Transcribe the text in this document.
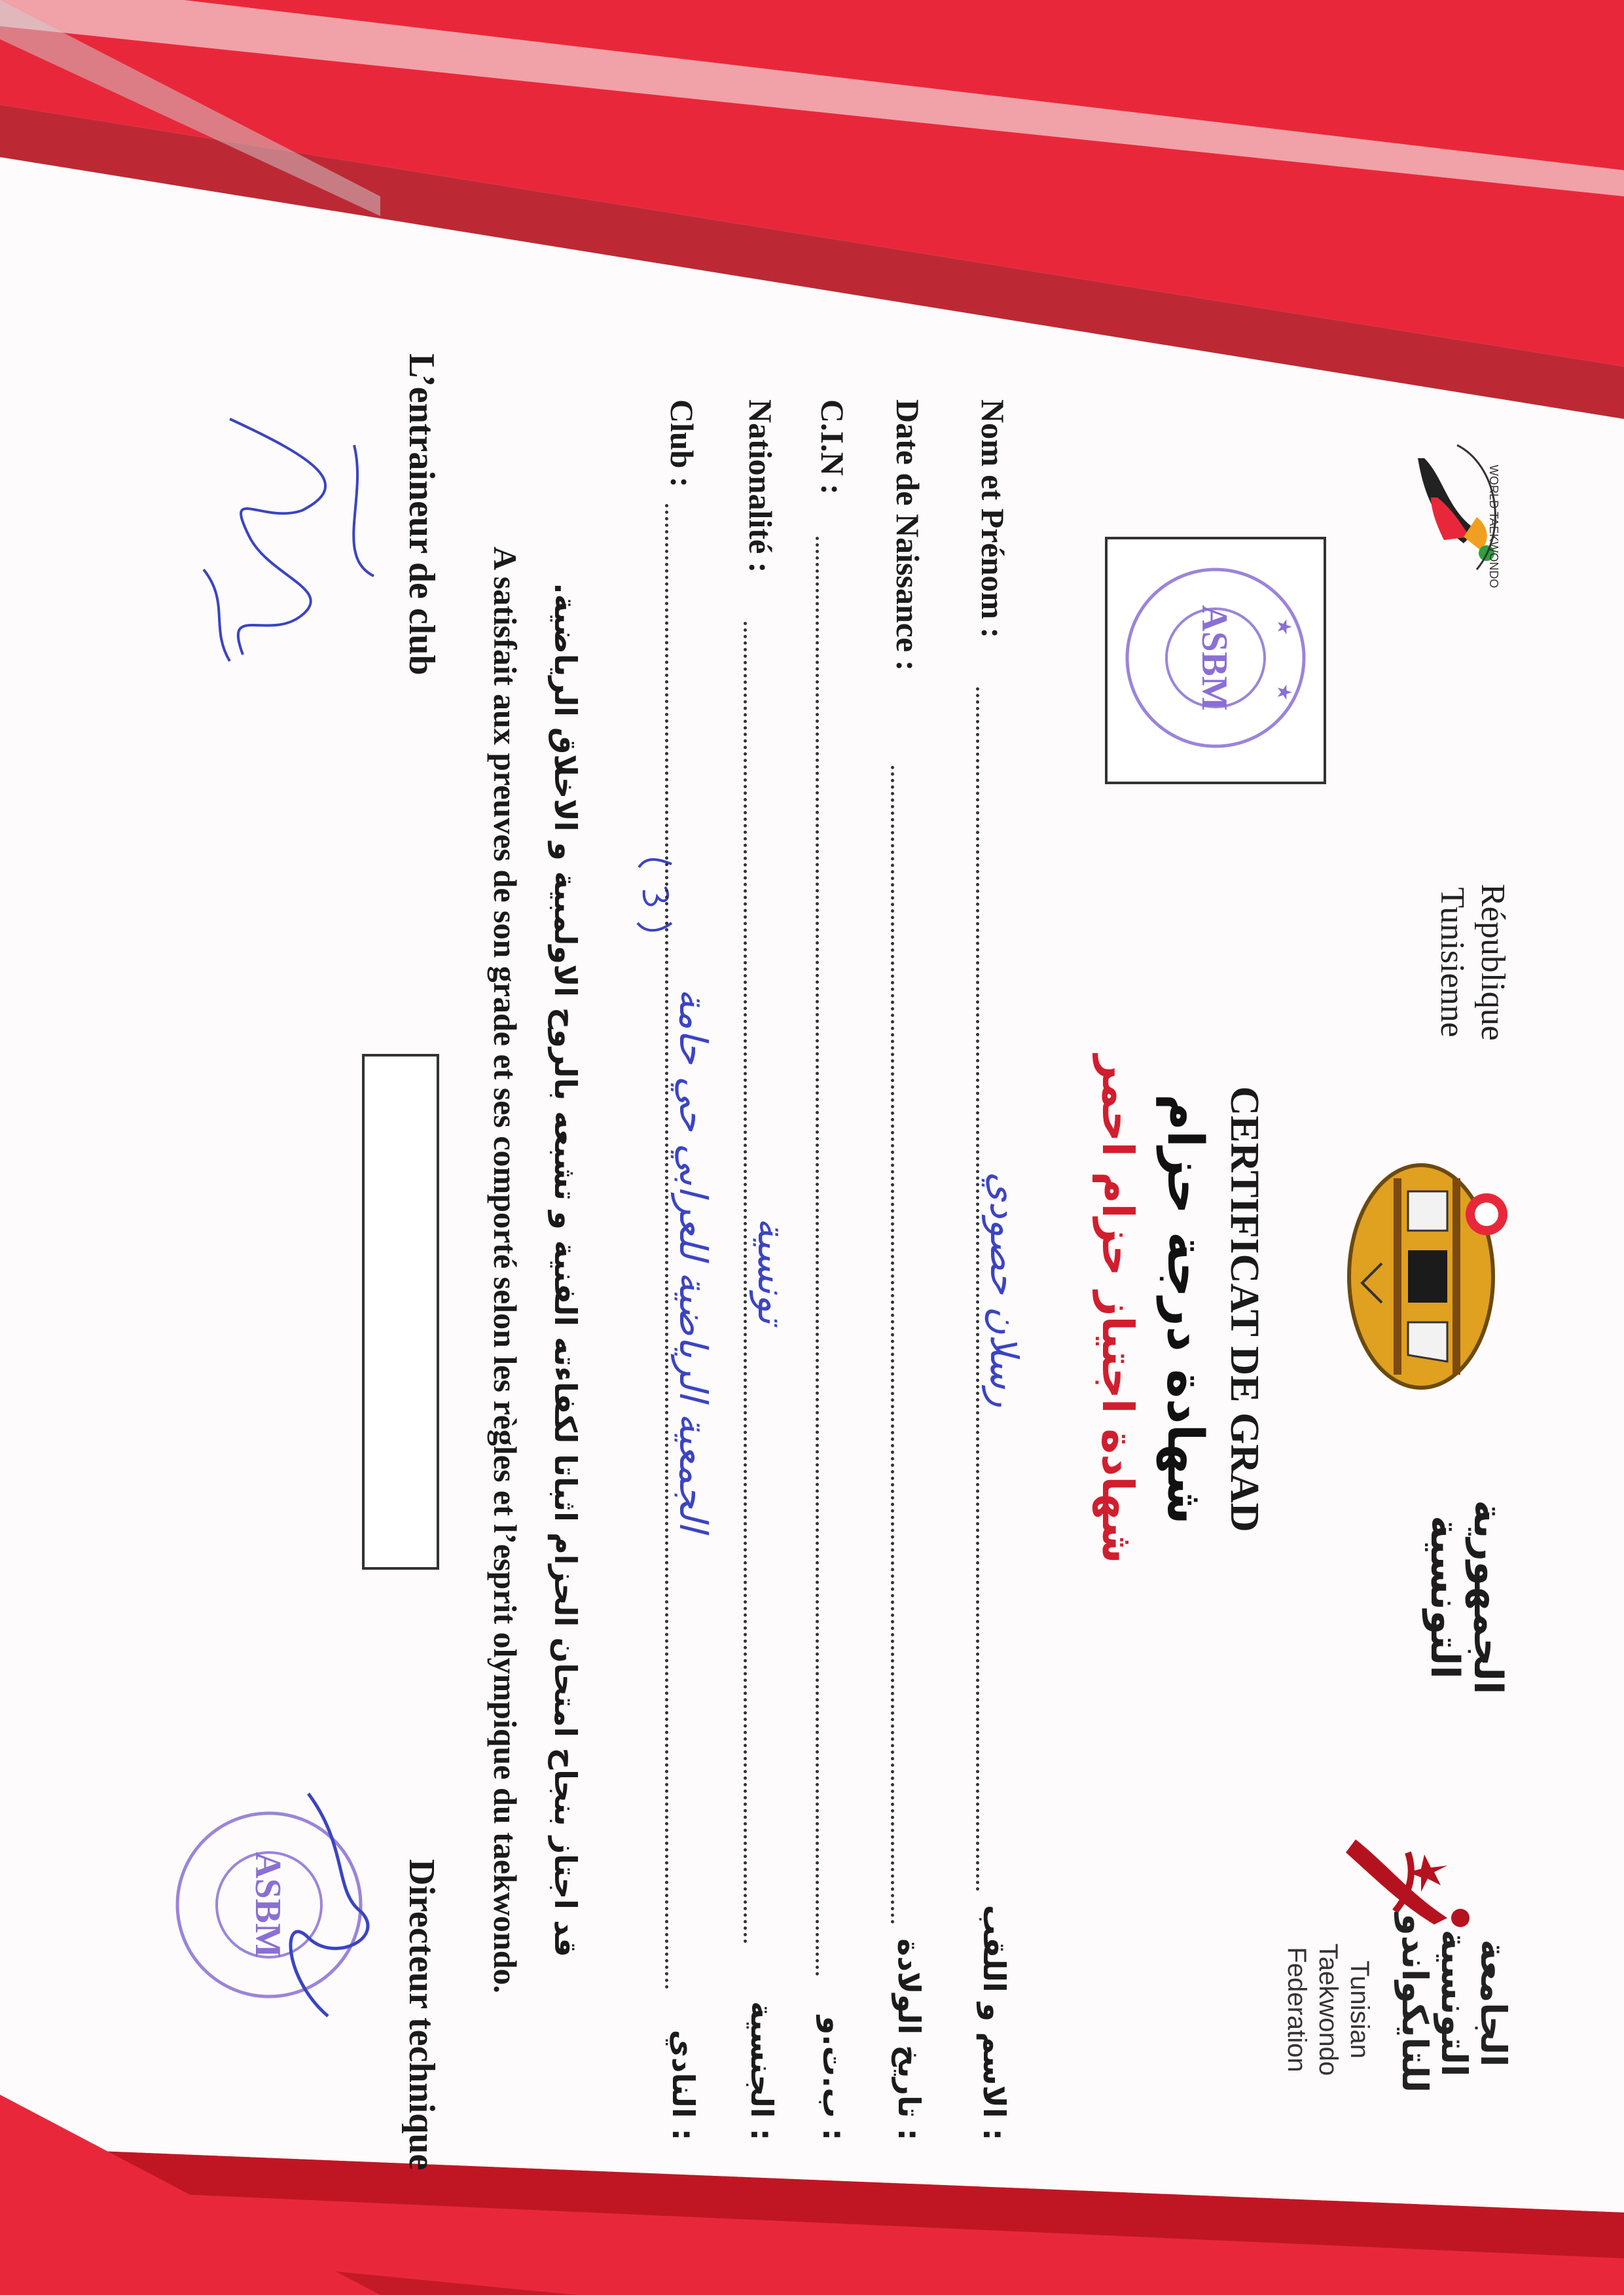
WORLD TAEKWONDO
République
Tunisienne
الجمهورية
التونسية
الجامعة
التونسية
للتايكواندو
Tunisian
Taekwondo
Federation
CERTIFICAT DE GRAD
شهادة درجة حزام
شهادة اجتياز حزام احمر
ASBM ★
★
Nom et Prénom :
رسلان حصودي
: الاسم و اللقب
Date de Naissance :
: تاريخ الولادة
C.I.N :
: ب.ت.و
Nationalité :
تونسية
: الجنسية
Club :
الجمعية الرياضية للعرابي حي حامة
: النادي
قد اجتاز بنجاح امتحان الحزام اثباتا لكفاءته الفنية و تشبعه بالروح الاولمبية و الاخلاق الرياضية.
A satisfait aux preuves de son grade et ses comporté selon les règles et l’esprit olympique du taekwondo.
L’entraineur de club
Directeur technique
ASBM
